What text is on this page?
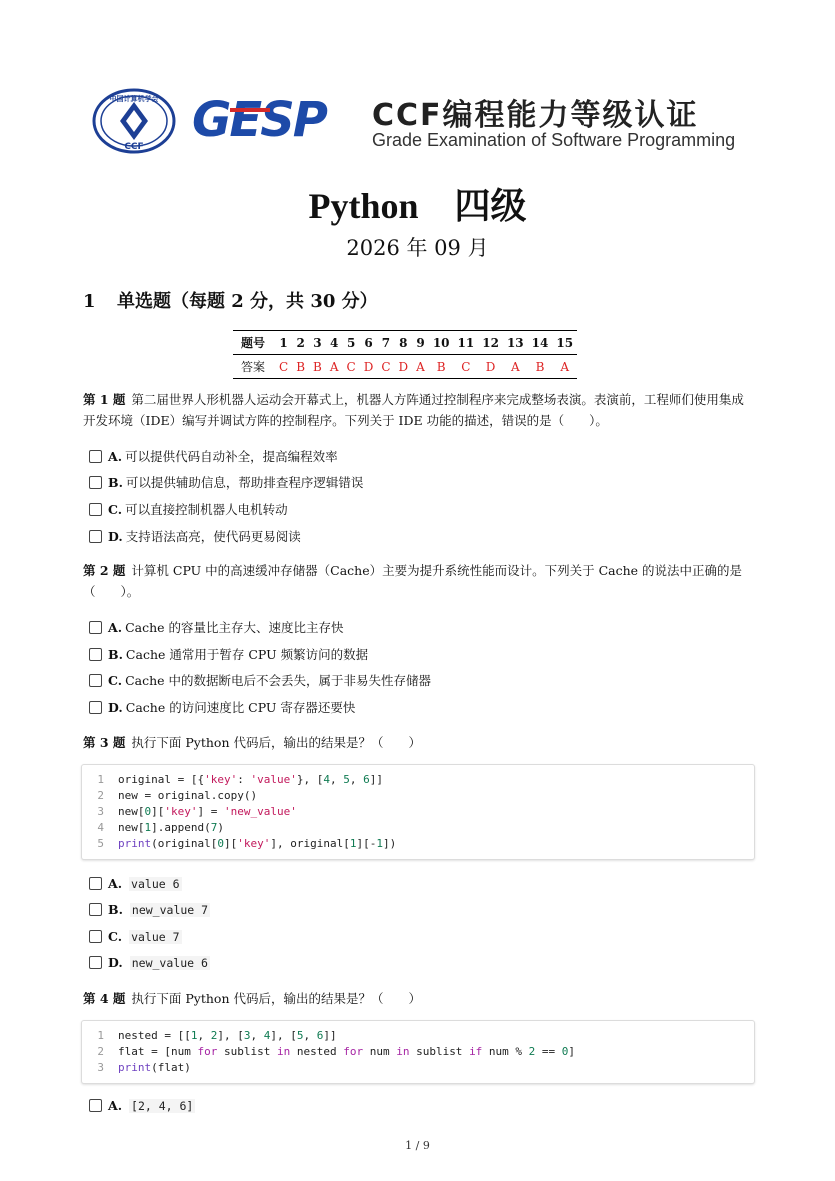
中国计算机学会
CCF GESP CCF编程能力等级认证
Grade Examination of Software Programming
Python    四级
2026 年 09 月
1 单选题（每题 2 分，共 30 分）
题号	1	2	3	4	5	6	7	8	9	10	11	12	13	14	15
答案	C	B	B	A	C	D	C	D	A	B	C	D	A	B	A
第 1 题 第二届世界人形机器人运动会开幕式上，机器人方阵通过控制程序来完成整场表演。表演前，工程师们使用集成开发环境（IDE）编写并调试方阵的控制程序。下列关于 IDE 功能的描述，错误的是（　　）。
A. 可以提供代码自动补全，提高编程效率
B. 可以提供辅助信息，帮助排查程序逻辑错误
C. 可以直接控制机器人电机转动
D. 支持语法高亮，使代码更易阅读
第 2 题 计算机 CPU 中的高速缓冲存储器（Cache）主要为提升系统性能而设计。下列关于 Cache 的说法中正确的是（　　）。
A. Cache 的容量比主存大、速度比主存快
B. Cache 通常用于暂存 CPU 频繁访问的数据
C. Cache 中的数据断电后不会丢失，属于非易失性存储器
D. Cache 的访问速度比 CPU 寄存器还要快
第 3 题 执行下面 Python 代码后，输出的结果是？（　　）
1
2
3
4
5
original = [{'key': 'value'}, [4, 5, 6]]
new = original.copy()
new[0]['key'] = 'new_value'
new[1].append(7)
print(original[0]['key'], original[1][-1])
A. value 6
B. new_value 7
C. value 7
D. new_value 6
第 4 题 执行下面 Python 代码后，输出的结果是？（　　）
1
2
3
nested = [[1, 2], [3, 4], [5, 6]]
flat = [num for sublist in nested for num in sublist if num % 2 == 0]
print(flat)
A. [2, 4, 6]
1 / 9
